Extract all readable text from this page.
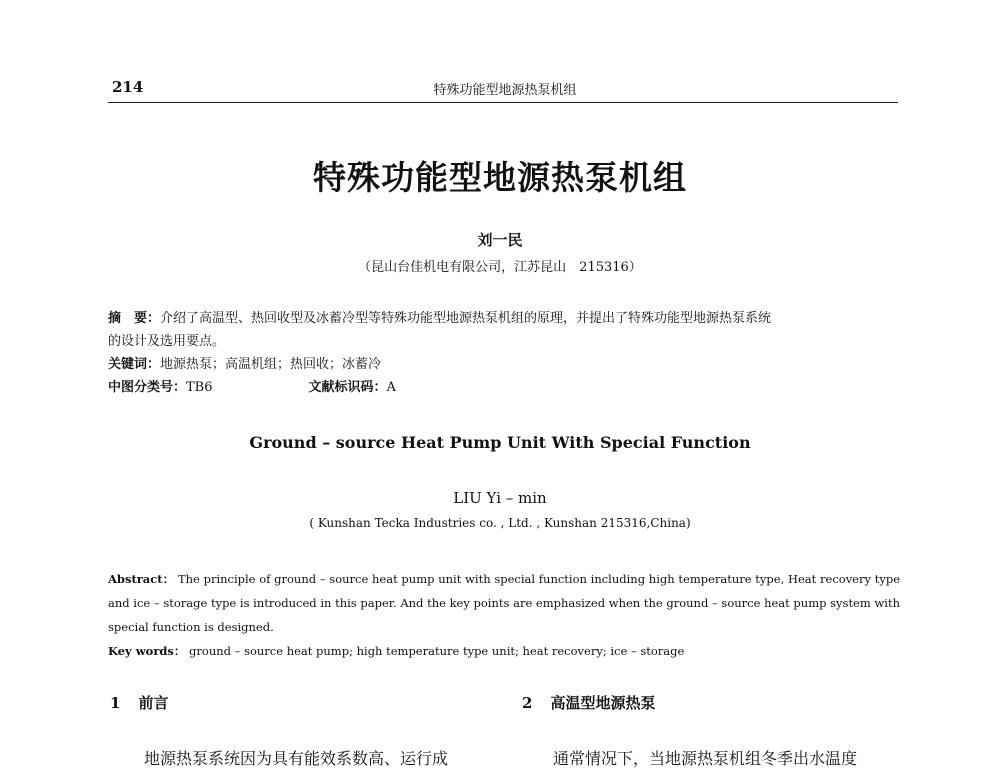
214	特殊功能型地源热泵机组
特殊功能型地源热泵机组
刘一民
（昆山台佳机电有限公司，江苏昆山　215316）
摘　要：介绍了高温型、热回收型及冰蓄冷型等特殊功能型地源热泵机组的原理，并提出了特殊功能型地源热泵系统
的设计及选用要点。
关键词：地源热泵；高温机组；热回收；冰蓄冷
中图分类号：TB6	文献标识码：A
Ground – source Heat Pump Unit With Special Function
LIU Yi – min
( Kunshan Tecka Industries co. , Ltd. , Kunshan 215316,China)
Abstract： The principle of ground – source heat pump unit with special function including high temperature type, Heat recovery type and ice – storage type is introduced in this paper. And the key points are emphasized when the ground – source heat pump system with special function is designed.
Key words： ground – source heat pump; high temperature type unit; heat recovery; ice – storage
1 前言	2 高温型地源热泵
地源热泵系统因为具有能效系数高、运行成	通常情况下，当地源热泵机组冬季出水温度
